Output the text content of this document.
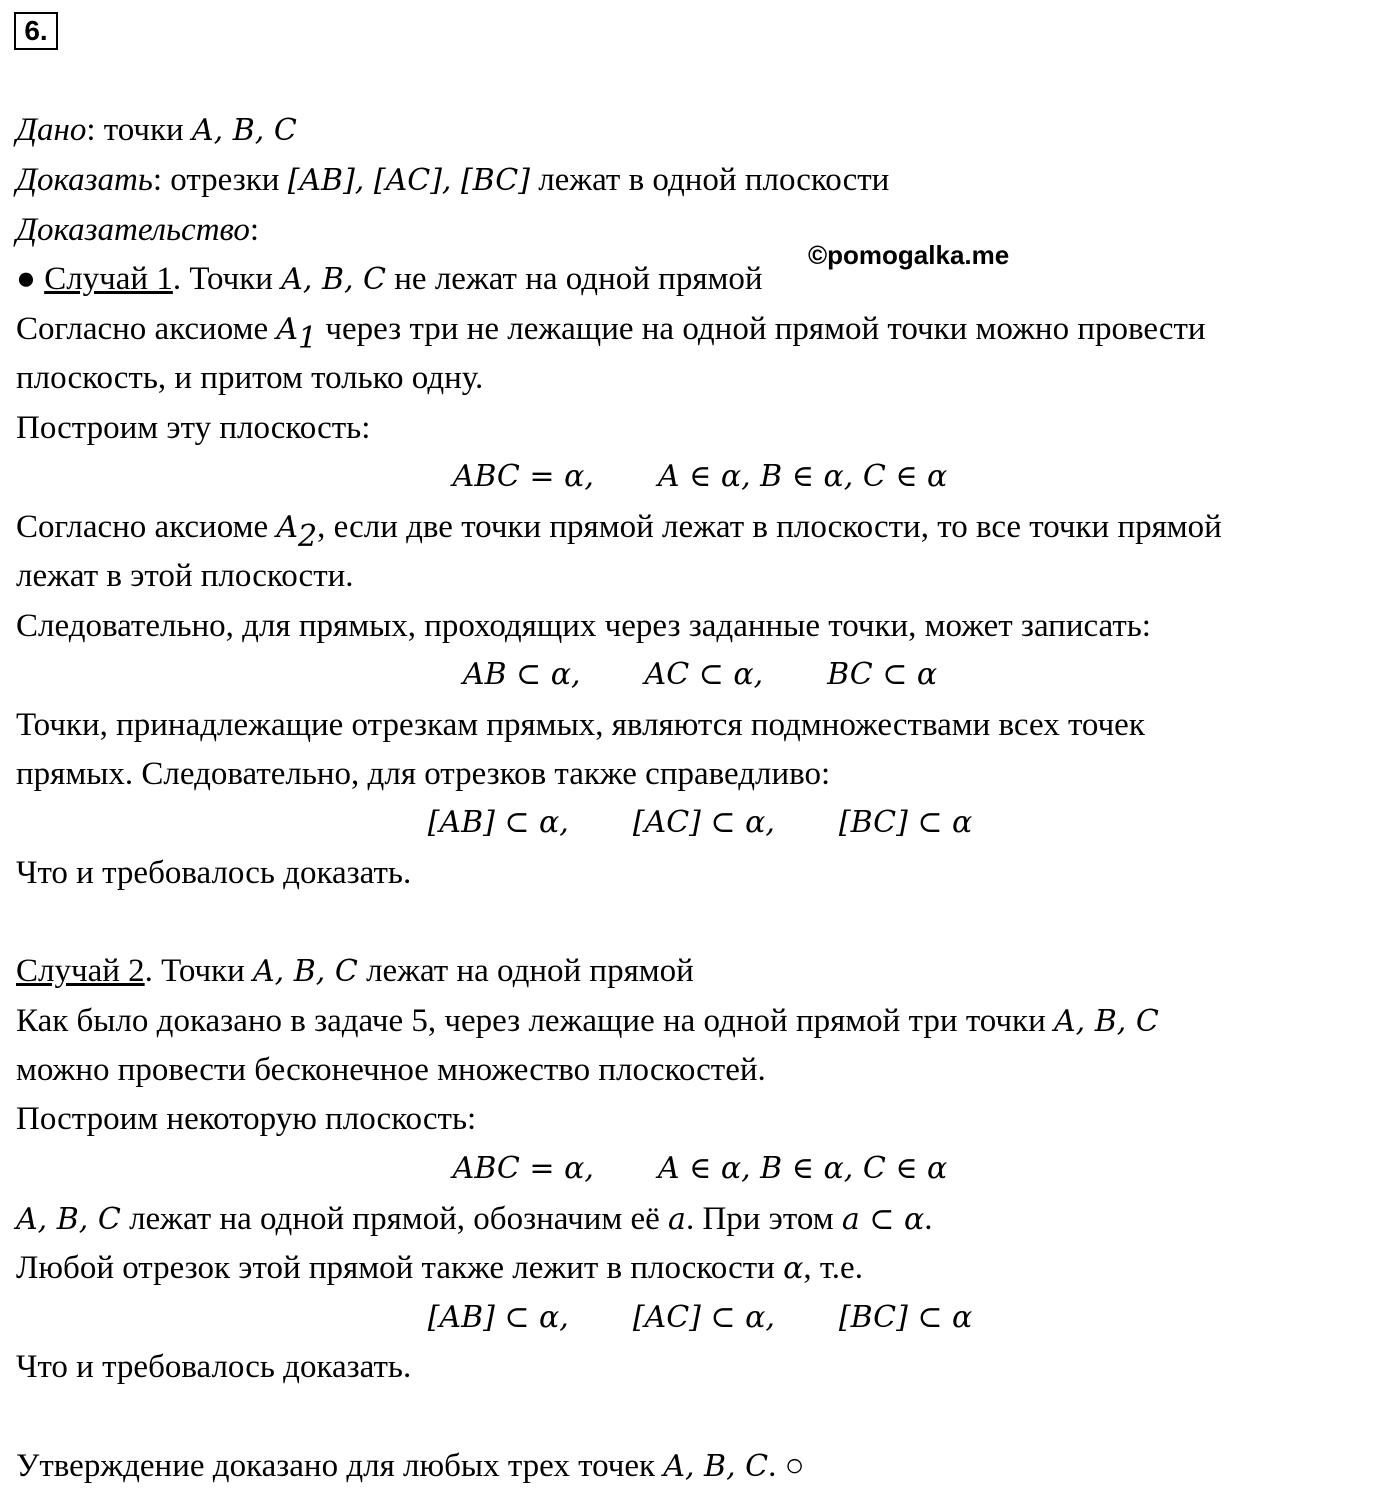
6.
©pomogalka.me

Дано: точки A, B, C

Доказать: отрезки [AB], [AC], [BC] лежат в одной плоскости

Доказательство:

● Случай 1. Точки A, B, C не лежат на одной прямой

Согласно аксиоме $A_1$ через три не лежащие на одной прямой точки можно провести

плоскость, и притом только одну.

Построим эту плоскость:

ABC = α, A ∈ α, B ∈ α, C ∈ α

Согласно аксиоме $A_2$, если две точки прямой лежат в плоскости, то все точки прямой

лежат в этой плоскости.

Следовательно, для прямых, проходящих через заданные точки, может записать:

AB ⊂ α, AC ⊂ α, BC ⊂ α

Точки, принадлежащие отрезкам прямых, являются подмножествами всех точек

прямых. Следовательно, для отрезков также справедливо:

[AB] ⊂ α, [AC] ⊂ α, [BC] ⊂ α

Что и требовалось доказать.

Случай 2. Точки A, B, C лежат на одной прямой

Как было доказано в задаче 5, через лежащие на одной прямой три точки A, B, C

можно провести бесконечное множество плоскостей.

Построим некоторую плоскость:

ABC = α, A ∈ α, B ∈ α, C ∈ α

A, B, C лежат на одной прямой, обозначим её a. При этом a ⊂ α.

Любой отрезок этой прямой также лежит в плоскости α, т.е.

[AB] ⊂ α, [AC] ⊂ α, [BC] ⊂ α

Что и требовалось доказать.

Утверждение доказано для любых трех точек A, B, C. ○
